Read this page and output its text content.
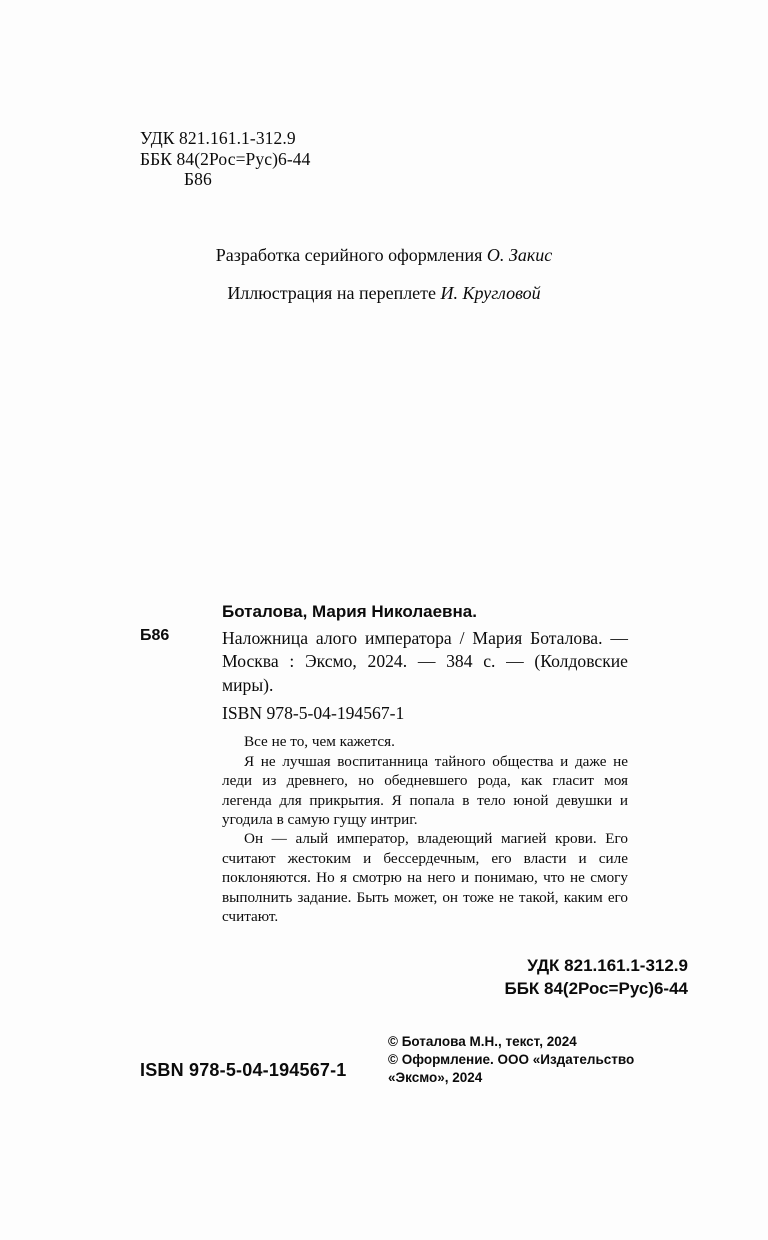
УДК 821.161.1-312.9
ББК 84(2Рос=Рус)6-44
Б86
Разработка серийного оформления О. Закис
Иллюстрация на переплете И. Кругловой
Боталова, Мария Николаевна.
Б86	Наложница алого императора / Мария Боталова. — Москва : Эксмо, 2024. — 384 с. — (Колдовские миры).
ISBN 978-5-04-194567-1

Все не то, чем кажется.

Я не лучшая воспитанница тайного общества и даже не леди из древнего, но обедневшего рода, как гласит моя легенда для прикрытия. Я попала в тело юной девушки и угодила в самую гущу интриг.

Он — алый император, владеющий магией крови. Его считают жестоким и бессердечным, его власти и силе поклоняются. Но я смотрю на него и понимаю, что не смогу выполнить задание. Быть может, он тоже не такой, каким его считают.

УДК 821.161.1-312.9
ББК 84(2Рос=Рус)6-44
© Боталова М.Н., текст, 2024
© Оформление. ООО «Издательство
«Эксмо», 2024
ISBN 978-5-04-194567-1
